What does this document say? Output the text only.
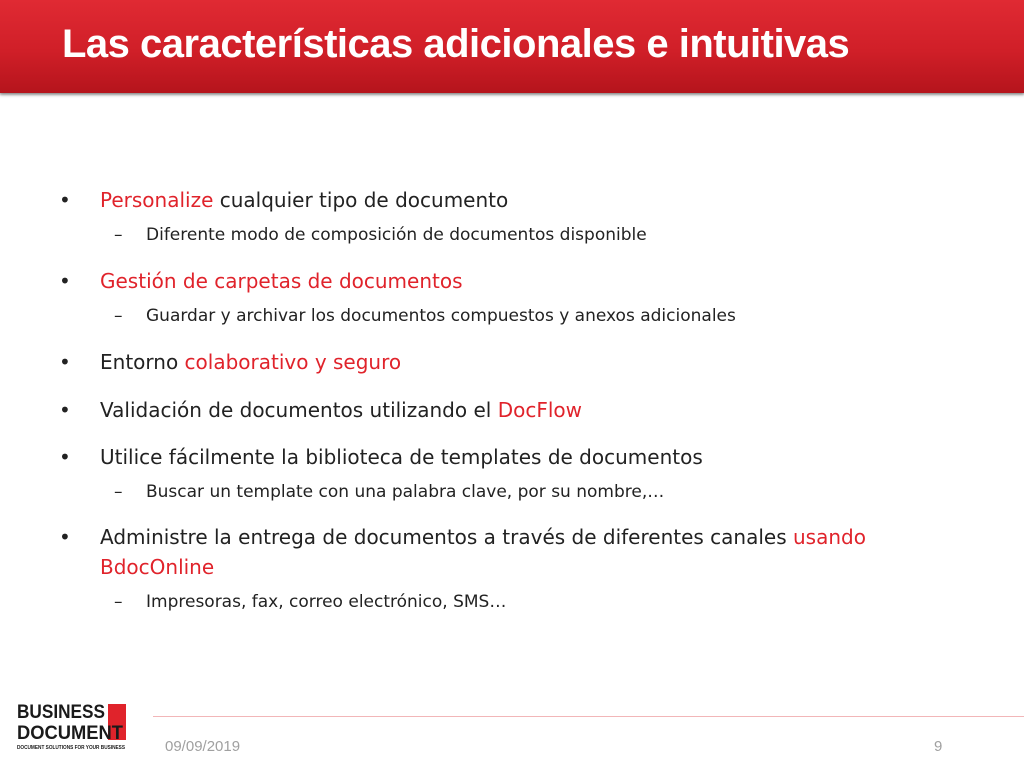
Las características adicionales e intuitivas
•	Personalize cualquier tipo de documento
– Diferente modo de composición de documentos disponible
•	Gestión de carpetas de documentos
– Guardar y archivar los documentos compuestos y anexos adicionales
•	Entorno colaborativo y seguro
•	Validación de documentos utilizando el DocFlow
•	Utilice fácilmente la biblioteca de templates de documentos
– Buscar un template con una palabra clave, por su nombre,…
•	Administre la entrega de documentos a través de diferentes canales usando BdocOnline
– Impresoras, fax, correo electrónico, SMS…
BUSINESS
DOCUMENT
DOCUMENT SOLUTIONS FOR YOUR BUSINESS	09/09/2019	9
